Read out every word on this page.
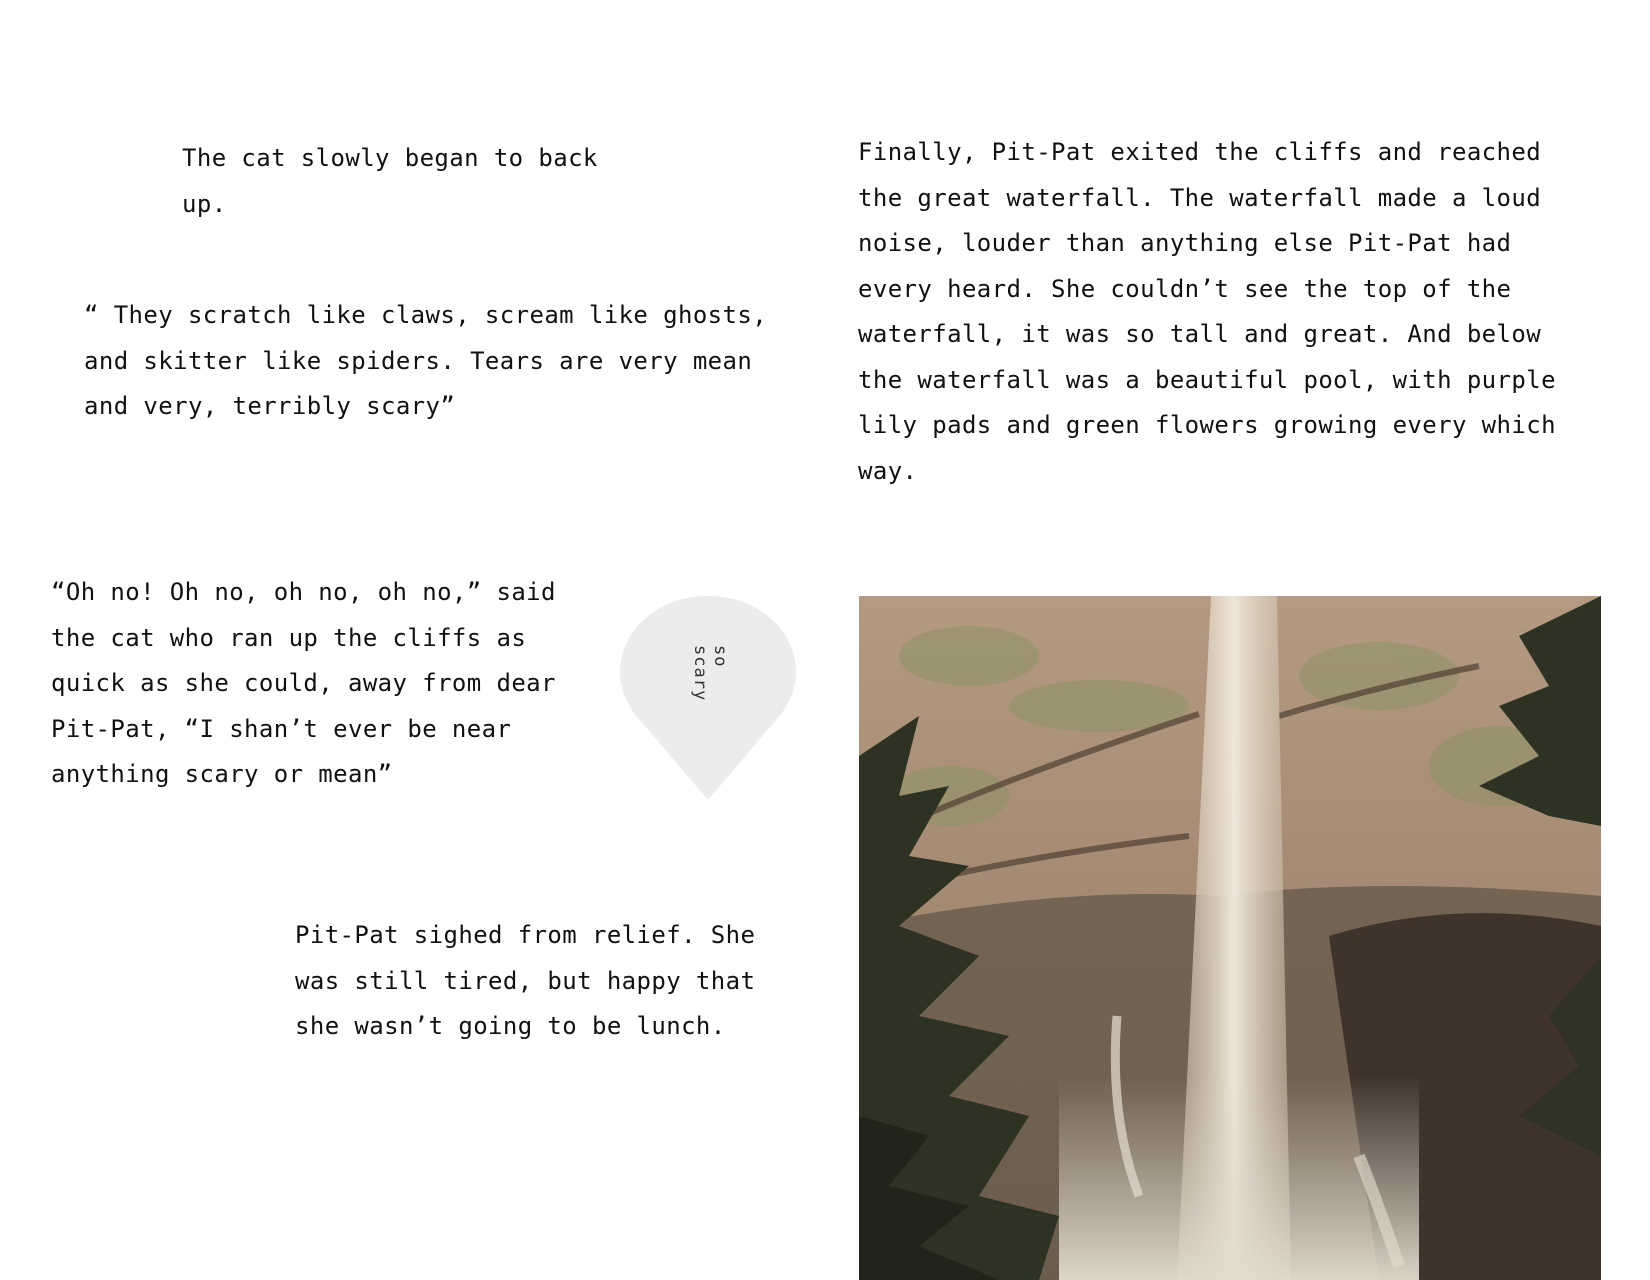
The cat slowly began to back up.

“ They scratch like claws, scream like ghosts, and skitter like spiders. Tears are very mean and very, terribly scary”

Finally, Pit-Pat exited the cliffs and reached the great waterfall. The waterfall made a loud noise, louder than anything else Pit-Pat had every heard. She couldn’t see the top of the waterfall, it was so tall and great. And below the waterfall was a beautiful pool, with purple lily pads and green flowers growing every which way.

“Oh no! Oh no, oh no, oh no,” said the cat who ran up the cliffs as quick as she could, away from dear Pit-Pat, “I shan’t ever be near anything scary or mean”

Pit-Pat sighed from relief. She was still tired, but happy that she wasn’t going to be lunch.

so scary
